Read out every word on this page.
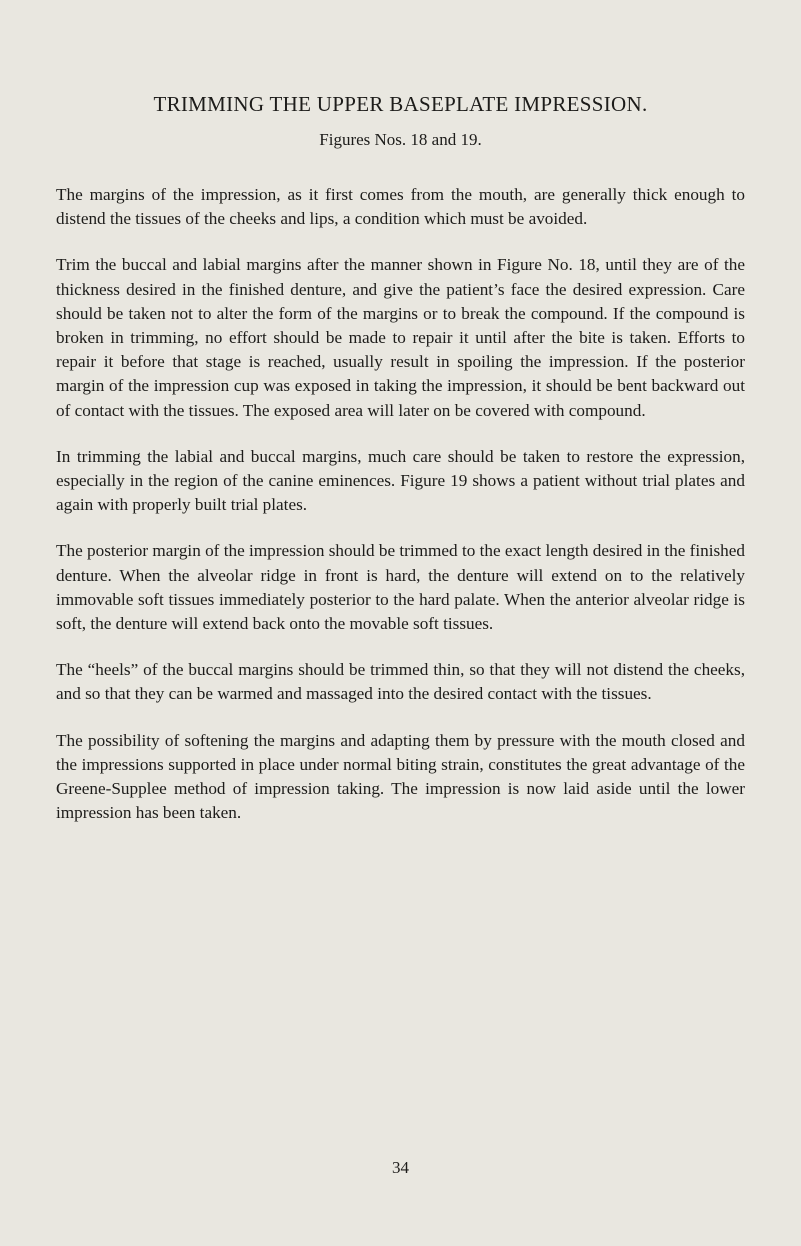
TRIMMING THE UPPER BASEPLATE IMPRESSION.

Figures Nos. 18 and 19.

The margins of the impression, as it first comes from the mouth, are generally thick enough to distend the tissues of the cheeks and lips, a condition which must be avoided.

Trim the buccal and labial margins after the manner shown in Figure No. 18, until they are of the thickness desired in the finished denture, and give the patient’s face the desired expression. Care should be taken not to alter the form of the margins or to break the compound. If the compound is broken in trimming, no effort should be made to repair it until after the bite is taken. Efforts to repair it before that stage is reached, usually result in spoiling the impression. If the posterior margin of the impression cup was exposed in taking the impression, it should be bent backward out of contact with the tissues. The exposed area will later on be covered with compound.

In trimming the labial and buccal margins, much care should be taken to restore the expression, especially in the region of the canine eminences. Figure 19 shows a patient without trial plates and again with properly built trial plates.

The posterior margin of the impression should be trimmed to the exact length desired in the finished denture. When the alveolar ridge in front is hard, the denture will extend on to the relatively immovable soft tissues immediately posterior to the hard palate. When the anterior alveolar ridge is soft, the denture will extend back onto the movable soft tissues.

The “heels” of the buccal margins should be trimmed thin, so that they will not distend the cheeks, and so that they can be warmed and massaged into the desired contact with the tissues.

The possibility of softening the margins and adapting them by pressure with the mouth closed and the impressions supported in place under normal biting strain, constitutes the great advantage of the Greene-Supplee method of impression taking. The impression is now laid aside until the lower impression has been taken.

34
